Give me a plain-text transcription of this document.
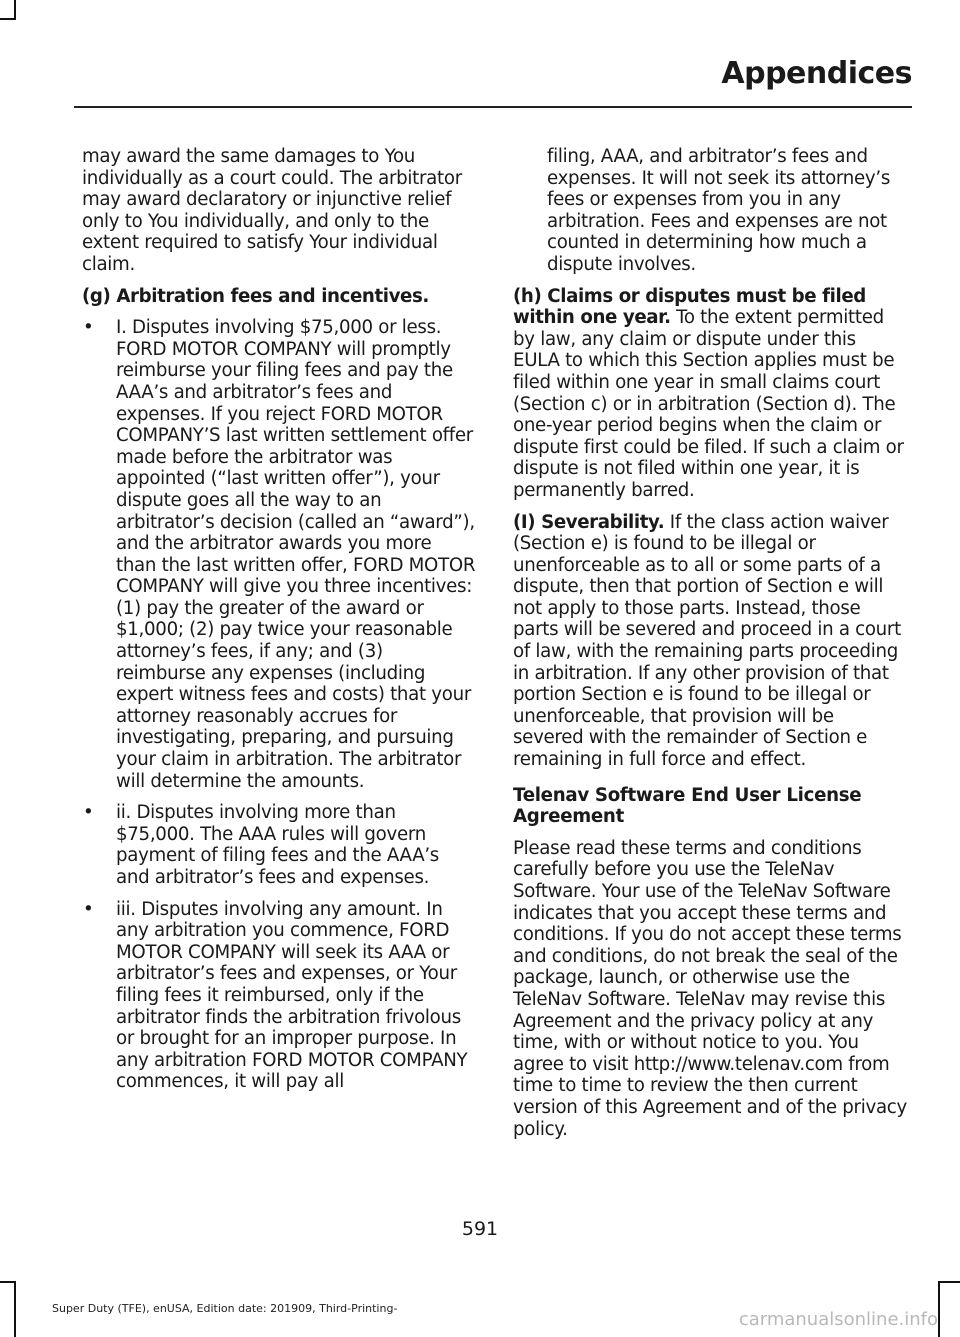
Appendices

may award the same damages to You individually as a court could. The arbitrator may award declaratory or injunctive relief only to You individually, and only to the extent required to satisfy Your individual claim.

(g) Arbitration fees and incentives.

• I. Disputes involving $75,000 or less. FORD MOTOR COMPANY will promptly reimburse your filing fees and pay the AAA’s and arbitrator’s fees and expenses. If you reject FORD MOTOR COMPANY’S last written settlement offer made before the arbitrator was appointed (“last written offer”), your dispute goes all the way to an arbitrator’s decision (called an “award”), and the arbitrator awards you more than the last written offer, FORD MOTOR COMPANY will give you three incentives: (1) pay the greater of the award or $1,000; (2) pay twice your reasonable attorney’s fees, if any; and (3) reimburse any expenses (including expert witness fees and costs) that your attorney reasonably accrues for investigating, preparing, and pursuing your claim in arbitration. The arbitrator will determine the amounts.
• ii. Disputes involving more than $75,000. The AAA rules will govern payment of filing fees and the AAA’s and arbitrator’s fees and expenses.
• iii. Disputes involving any amount. In any arbitration you commence, FORD MOTOR COMPANY will seek its AAA or arbitrator’s fees and expenses, or Your filing fees it reimbursed, only if the arbitrator finds the arbitration frivolous or brought for an improper purpose. In any arbitration FORD MOTOR COMPANY commences, it will pay all

filing, AAA, and arbitrator’s fees and expenses. It will not seek its attorney’s fees or expenses from you in any arbitration. Fees and expenses are not counted in determining how much a dispute involves.

(h) Claims or disputes must be filed within one year. To the extent permitted by law, any claim or dispute under this EULA to which this Section applies must be filed within one year in small claims court (Section c) or in arbitration (Section d). The one-year period begins when the claim or dispute first could be filed. If such a claim or dispute is not filed within one year, it is permanently barred.

(I) Severability. If the class action waiver (Section e) is found to be illegal or unenforceable as to all or some parts of a dispute, then that portion of Section e will not apply to those parts. Instead, those parts will be severed and proceed in a court of law, with the remaining parts proceeding in arbitration. If any other provision of that portion Section e is found to be illegal or unenforceable, that provision will be severed with the remainder of Section e remaining in full force and effect.

Telenav Software End User License Agreement

Please read these terms and conditions carefully before you use the TeleNav Software. Your use of the TeleNav Software indicates that you accept these terms and conditions. If you do not accept these terms and conditions, do not break the seal of the package, launch, or otherwise use the TeleNav Software. TeleNav may revise this Agreement and the privacy policy at any time, with or without notice to you. You agree to visit http://www.telenav.com from time to time to review the then current version of this Agreement and of the privacy policy.

591
Super Duty (TFE), enUSA, Edition date: 201909, Third-Printing-
carmanualsonline.info
